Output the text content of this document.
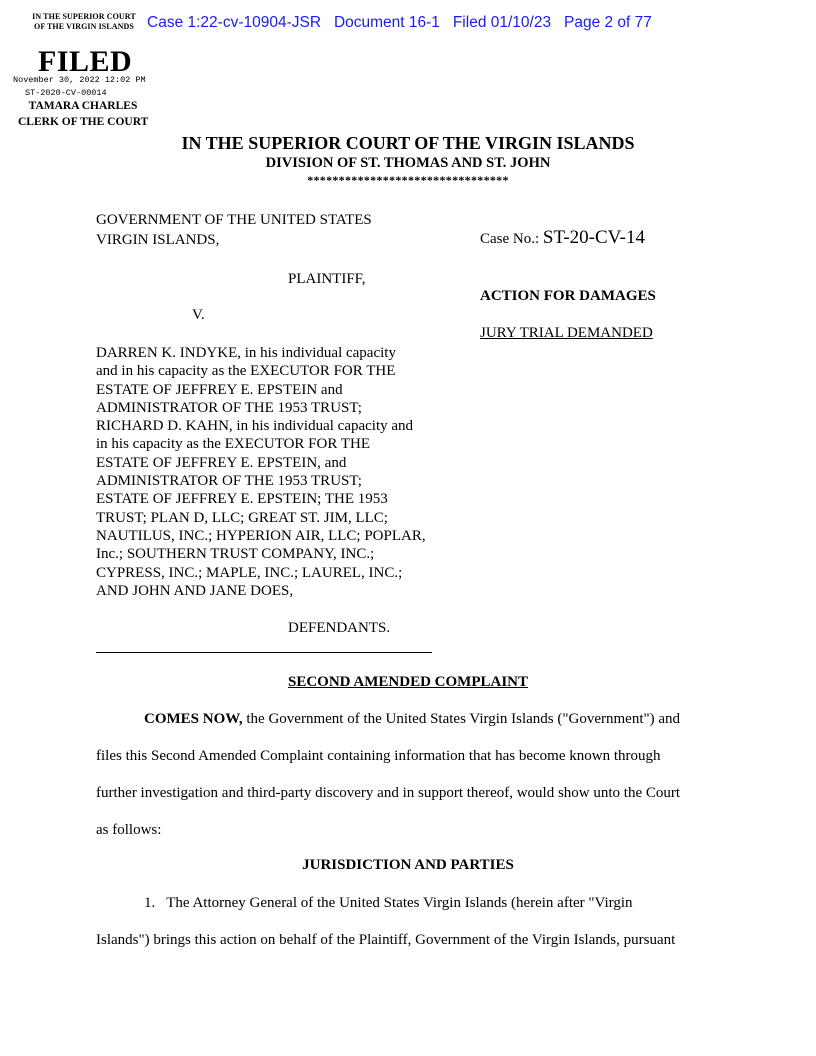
IN THE SUPERIOR COURT
OF THE VIRGIN ISLANDS
FILED
November 30, 2022 12:02 PM
ST-2020-CV-00014
TAMARA CHARLES
CLERK OF THE COURT
Case 1:22-cv-10904-JSR   Document 16-1   Filed 01/10/23   Page 2 of 77
IN THE SUPERIOR COURT OF THE VIRGIN ISLANDS
DIVISION OF ST. THOMAS AND ST. JOHN
********************************
GOVERNMENT OF THE UNITED STATES
VIRGIN ISLANDS,
PLAINTIFF,
V.
DARREN K. INDYKE, in his individual capacity
and in his capacity as the EXECUTOR FOR THE
ESTATE OF JEFFREY E. EPSTEIN and
ADMINISTRATOR OF THE 1953 TRUST;
RICHARD D. KAHN, in his individual capacity and
in his capacity as the EXECUTOR FOR THE
ESTATE OF JEFFREY E. EPSTEIN, and
ADMINISTRATOR OF THE 1953 TRUST;
ESTATE OF JEFFREY E. EPSTEIN; THE 1953
TRUST; PLAN D, LLC; GREAT ST. JIM, LLC;
NAUTILUS, INC.; HYPERION AIR, LLC; POPLAR,
Inc.; SOUTHERN TRUST COMPANY, INC.;
CYPRESS, INC.; MAPLE, INC.; LAUREL, INC.;
AND JOHN AND JANE DOES,
DEFENDANTS.
Case No.: ST-20-CV-14
ACTION FOR DAMAGES
JURY TRIAL DEMANDED
SECOND AMENDED COMPLAINT
COMES NOW, the Government of the United States Virgin Islands ("Government") and
files this Second Amended Complaint containing information that has become known through
further investigation and third-party discovery and in support thereof, would show unto the Court
as follows:
JURISDICTION AND PARTIES
1.   The Attorney General of the United States Virgin Islands (herein after "Virgin
Islands") brings this action on behalf of the Plaintiff, Government of the Virgin Islands, pursuant
